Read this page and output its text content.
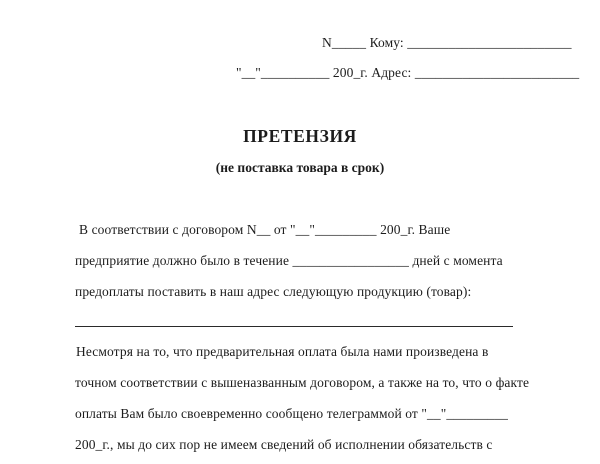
N_____ Кому: ________________________
"__"__________ 200_г. Адрес: ________________________
ПРЕТЕНЗИЯ
(не поставка товара в срок)
В соответствии с договором N__ от "__"_________ 200_г. Ваше
предприятие должно было в течение _________________ дней с момента
предоплаты поставить в наш адрес следующую продукцию (товар):
Несмотря на то, что предварительная оплата была нами произведена в
точном соответствии с вышеназванным договором, а также на то, что о факте
оплаты Вам было своевременно сообщено телеграммой от "__"_________
200_г., мы до сих пор не имеем сведений об исполнении обязательств с
